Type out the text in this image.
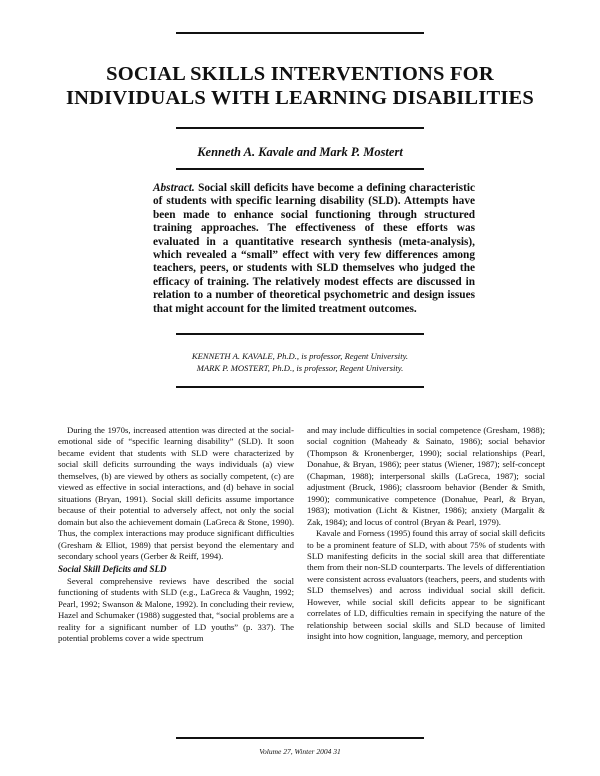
SOCIAL SKILLS INTERVENTIONS FOR
INDIVIDUALS WITH LEARNING DISABILITIES
Kenneth A. Kavale and Mark P. Mostert
Abstract. Social skill deficits have become a defining characteristic of students with specific learning disability (SLD). Attempts have been made to enhance social functioning through structured training approaches. The effectiveness of these efforts was evaluated in a quantitative research synthesis (meta-analysis), which revealed a “small” effect with very few differences among teachers, peers, or students with SLD themselves who judged the efficacy of training. The relatively modest effects are discussed in relation to a number of theoretical psychometric and design issues that might account for the limited treatment outcomes.
KENNETH A. KAVALE, Ph.D., is professor, Regent University.
MARK P. MOSTERT, Ph.D., is professor, Regent University.

During the 1970s, increased attention was directed at the social-emotional side of “specific learning disability” (SLD). It soon became evident that students with SLD were characterized by social skill deficits surrounding the ways individuals (a) view themselves, (b) are viewed by others as socially competent, (c) are viewed as effective in social interactions, and (d) behave in social situations (Bryan, 1991). Social skill deficits assume importance because of their potential to adversely affect, not only the social domain but also the achievement domain (LaGreca & Stone, 1990). Thus, the complex interactions may produce significant difficulties (Gresham & Elliot, 1989) that persist beyond the elementary and secondary school years (Gerber & Reiff, 1994).

Social Skill Deficits and SLD

Several comprehensive reviews have described the social functioning of students with SLD (e.g., LaGreca & Vaughn, 1992; Pearl, 1992; Swanson & Malone, 1992). In concluding their review, Hazel and Schumaker (1988) suggested that, “social problems are a reality for a significant number of LD youths” (p. 337). The potential problems cover a wide spectrum

and may include difficulties in social competence (Gresham, 1988); social cognition (Maheady & Sainato, 1986); social behavior (Thompson & Kronenberger, 1990); social relationships (Pearl, Donahue, & Bryan, 1986); peer status (Wiener, 1987); self-concept (Chapman, 1988); interpersonal skills (LaGreca, 1987); social adjustment (Bruck, 1986); classroom behavior (Bender & Smith, 1990); communicative competence (Donahue, Pearl, & Bryan, 1983); motivation (Licht & Kistner, 1986); anxiety (Margalit & Zak, 1984); and locus of control (Bryan & Pearl, 1979).

Kavale and Forness (1995) found this array of social skill deficits to be a prominent feature of SLD, with about 75% of students with SLD manifesting deficits in the social skill area that differentiate them from their non-SLD counterparts. The levels of differentiation were consistent across evaluators (teachers, peers, and students with SLD themselves) and across individual social skill deficit. However, while social skill deficits appear to be significant correlates of LD, difficulties remain in specifying the nature of the relationship between social skills and SLD because of limited insight into how cognition, language, memory, and perception

Volume 27, Winter 2004 31
